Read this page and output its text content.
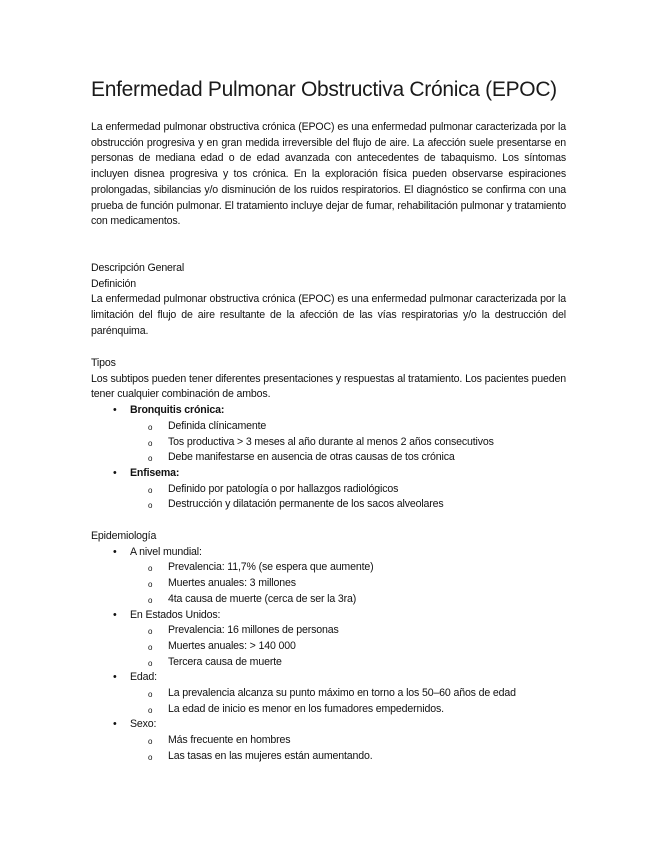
Enfermedad Pulmonar Obstructiva Crónica (EPOC)

La enfermedad pulmonar obstructiva crónica (EPOC) es una enfermedad pulmonar caracterizada por la obstrucción progresiva y en gran medida irreversible del flujo de aire. La afección suele presentarse en personas de mediana edad o de edad avanzada con antecedentes de tabaquismo. Los síntomas incluyen disnea progresiva y tos crónica. En la exploración física pueden observarse espiraciones prolongadas, sibilancias y/o disminución de los ruidos respiratorios. El diagnóstico se confirma con una prueba de función pulmonar. El tratamiento incluye dejar de fumar, rehabilitación pulmonar y tratamiento con medicamentos.

Descripción General
Definición

La enfermedad pulmonar obstructiva crónica (EPOC) es una enfermedad pulmonar caracterizada por la limitación del flujo de aire resultante de la afección de las vías respiratorias y/o la destrucción del parénquima.

Tipos

Los subtipos pueden tener diferentes presentaciones y respuestas al tratamiento. Los pacientes pueden tener cualquier combinación de ambos.

• Bronquitis crónica:
o Definida clínicamente
o Tos productiva > 3 meses al año durante al menos 2 años consecutivos
o Debe manifestarse en ausencia de otras causas de tos crónica
• Enfisema:
o Definido por patología o por hallazgos radiológicos
o Destrucción y dilatación permanente de los sacos alveolares
Epidemiología
• A nivel mundial:
o Prevalencia: 11,7% (se espera que aumente)
o Muertes anuales: 3 millones
o 4ta causa de muerte (cerca de ser la 3ra)
• En Estados Unidos:
o Prevalencia: 16 millones de personas
o Muertes anuales: > 140 000
o Tercera causa de muerte
• Edad:
o La prevalencia alcanza su punto máximo en torno a los 50–60 años de edad
o La edad de inicio es menor en los fumadores empedernidos.
• Sexo:
o Más frecuente en hombres
o Las tasas en las mujeres están aumentando.
